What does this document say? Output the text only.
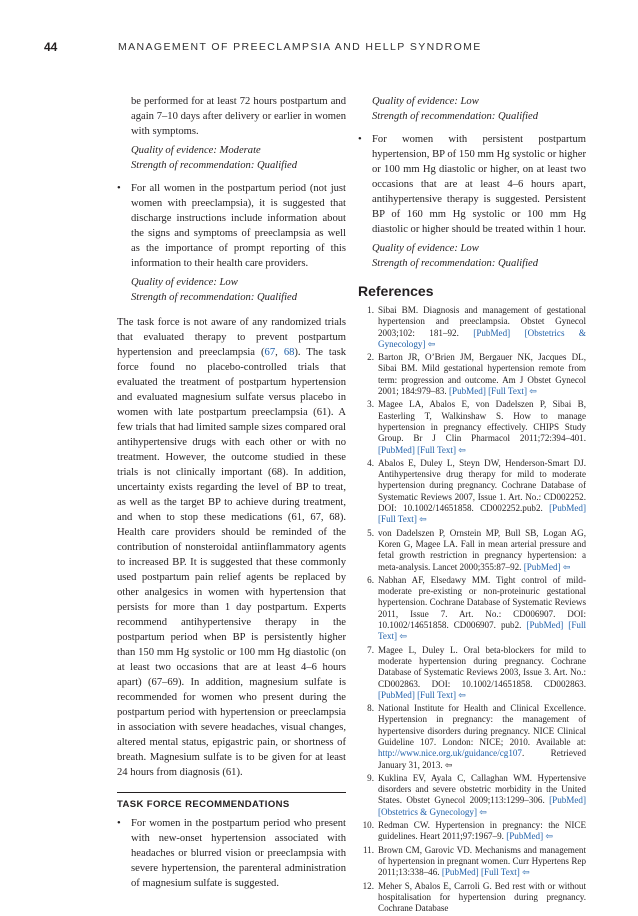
44	MANAGEMENT OF PREECLAMPSIA AND HELLP SYNDROME

be performed for at least 72 hours postpartum and again 7–10 days after delivery or earlier in women with symptoms.

Quality of evidence: Moderate
Strength of recommendation: Qualified
• For all women in the postpartum period (not just women with preeclampsia), it is suggested that discharge instructions include information about the signs and symptoms of preeclampsia as well as the importance of prompt reporting of this information to their health care providers.
Quality of evidence: Low
Strength of recommendation: Qualified

The task force is not aware of any randomized trials that evaluated therapy to prevent postpartum hypertension and preeclampsia (67, 68). The task force found no placebo-controlled trials that evaluated the treatment of postpartum hypertension and evaluated magnesium sulfate versus placebo in women with late postpartum preeclampsia (61). A few trials that had limited sample sizes compared oral antihypertensive drugs with each other or with no treatment. However, the outcome studied in these trials is not clinically important (68). In addition, uncertainty exists regarding the level of BP to treat, as well as the target BP to achieve during treatment, and when to stop these medications (61, 67, 68). Health care providers should be reminded of the contribution of nonsteroidal antiinflammatory agents to increased BP. It is suggested that these commonly used postpartum pain relief agents be replaced by other analgesics in women with hypertension that persists for more than 1 day postpartum. Experts recommend antihypertensive therapy in the postpartum period when BP is persistently higher than 150 mm Hg systolic or 100 mm Hg diastolic (on at least two occasions that are at least 4–6 hours apart) (67–69). In addition, magnesium sulfate is recommended for women who present during the postpartum period with hypertension or preeclampsia in association with severe headaches, visual changes, altered mental status, epigastric pain, or shortness of breath. Magnesium sulfate is to be given for at least 24 hours from diagnosis (61).

TASK FORCE RECOMMENDATIONS
• For women in the postpartum period who present with new-onset hypertension associated with headaches or blurred vision or preeclampsia with severe hypertension, the parenteral administration of magnesium sulfate is suggested.
Quality of evidence: Low
Strength of recommendation: Qualified
• For women with persistent postpartum hypertension, BP of 150 mm Hg systolic or higher or 100 mm Hg diastolic or higher, on at least two occasions that are at least 4–6 hours apart, antihypertensive therapy is suggested. Persistent BP of 160 mm Hg systolic or 100 mm Hg diastolic or higher should be treated within 1 hour.
Quality of evidence: Low
Strength of recommendation: Qualified
References
1. Sibai BM. Diagnosis and management of gestational hypertension and preeclampsia. Obstet Gynecol 2003;102: 181–92. [PubMed] [Obstetrics & Gynecology] ⇦
2. Barton JR, O’Brien JM, Bergauer NK, Jacques DL, Sibai BM. Mild gestational hypertension remote from term: progression and outcome. Am J Obstet Gynecol 2001; 184:979–83. [PubMed] [Full Text] ⇦
3. Magee LA, Abalos E, von Dadelszen P, Sibai B, Easterling T, Walkinshaw S. How to manage hypertension in pregnancy effectively. CHIPS Study Group. Br J Clin Pharmacol 2011;72:394–401. [PubMed] [Full Text] ⇦
4. Abalos E, Duley L, Steyn DW, Henderson-Smart DJ. Antihypertensive drug therapy for mild to moderate hypertension during pregnancy. Cochrane Database of Systematic Reviews 2007, Issue 1. Art. No.: CD002252. DOI: 10.1002/14651858. CD002252.pub2. [PubMed] [Full Text] ⇦
5. von Dadelszen P, Ornstein MP, Bull SB, Logan AG, Koren G, Magee LA. Fall in mean arterial pressure and fetal growth restriction in pregnancy hypertension: a meta-analysis. Lancet 2000;355:87–92. [PubMed] ⇦
6. Nabhan AF, Elsedawy MM. Tight control of mild-moderate pre-existing or non-proteinuric gestational hypertension. Cochrane Database of Systematic Reviews 2011, Issue 7. Art. No.: CD006907. DOI: 10.1002/14651858. CD006907. pub2. [PubMed] [Full Text] ⇦
7. Magee L, Duley L. Oral beta-blockers for mild to moderate hypertension during pregnancy. Cochrane Database of Systematic Reviews 2003, Issue 3. Art. No.: CD002863. DOI: 10.1002/14651858. CD002863. [PubMed] [Full Text] ⇦
8. National Institute for Health and Clinical Excellence. Hypertension in pregnancy: the management of hypertensive disorders during pregnancy. NICE Clinical Guideline 107. London: NICE; 2010. Available at: http://www.nice.org.uk/guidance/cg107. Retrieved January 31, 2013. ⇦
9. Kuklina EV, Ayala C, Callaghan WM. Hypertensive disorders and severe obstetric morbidity in the United States. Obstet Gynecol 2009;113:1299–306. [PubMed] [Obstetrics & Gynecology] ⇦
10. Redman CW. Hypertension in pregnancy: the NICE guidelines. Heart 2011;97:1967–9. [PubMed] ⇦
11. Brown CM, Garovic VD. Mechanisms and management of hypertension in pregnant women. Curr Hypertens Rep 2011;13:338–46. [PubMed] [Full Text] ⇦
12. Meher S, Abalos E, Carroli G. Bed rest with or without hospitalisation for hypertension during pregnancy. Cochrane Database
